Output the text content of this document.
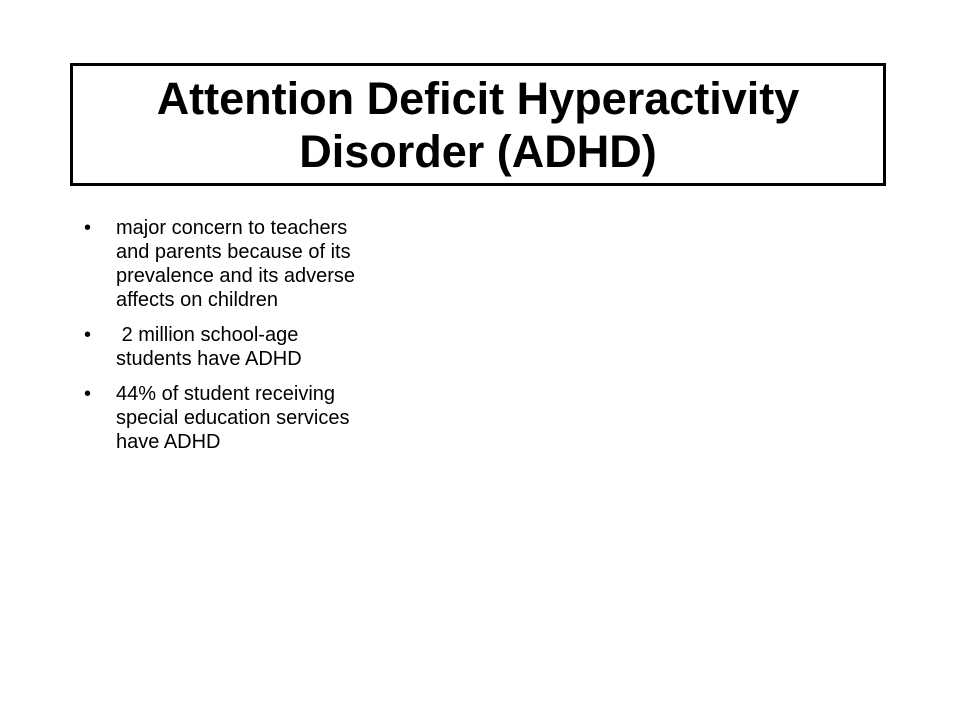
Attention Deficit Hyperactivity
Disorder (ADHD)
• major concern to teachers
and parents because of its
prevalence and its adverse
affects on children
• 2 million school-age
students have ADHD
• 44% of student receiving
special education services
have ADHD
